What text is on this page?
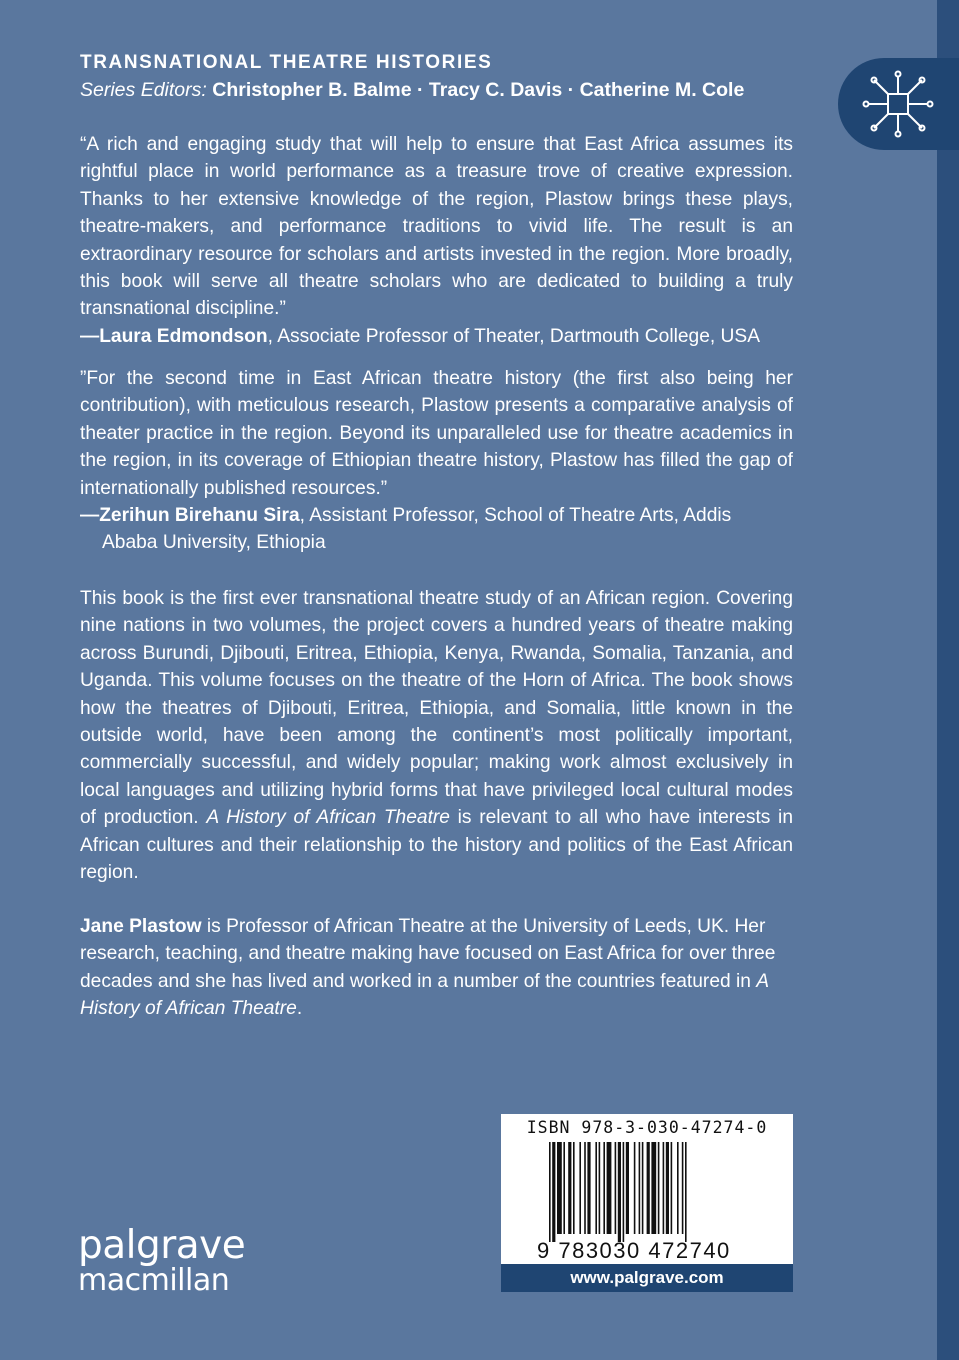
TRANSNATIONAL THEATRE HISTORIES

Series Editors: Christopher B. Balme · Tracy C. Davis · Catherine M. Cole

“A rich and engaging study that will help to ensure that East Africa assumes its rightful place in world performance as a treasure trove of creative expression. Thanks to her extensive knowledge of the region, Plastow brings these plays, theatre-makers, and performance traditions to vivid life. The result is an extraordinary resource for scholars and artists invested in the region. More broadly, this book will serve all theatre scholars who are dedicated to building a truly transnational discipline.”

—Laura Edmondson, Associate Professor of Theater, Dartmouth College, USA

”For the second time in East African theatre history (the first also being her contribution), with meticulous research, Plastow presents a comparative analysis of theater practice in the region. Beyond its unparalleled use for theatre academics in the region, in its coverage of Ethiopian theatre history, Plastow has filled the gap of internationally published resources.”

—Zerihun Birehanu Sira, Assistant Professor, School of Theatre Arts, Addis
Ababa University, Ethiopia

This book is the first ever transnational theatre study of an African region. Covering nine nations in two volumes, the project covers a hundred years of theatre making across Burundi, Djibouti, Eritrea, Ethiopia, Kenya, Rwanda, Somalia, Tanzania, and Uganda. This volume focuses on the theatre of the Horn of Africa. The book shows how the theatres of Djibouti, Eritrea, Ethiopia, and Somalia, little known in the outside world, have been among the continent’s most politically important, commercially successful, and widely popular; making work almost exclusively in local languages and utilizing hybrid forms that have privileged local cultural modes of production. A History of African Theatre is relevant to all who have interests in African cultures and their relationship to the history and politics of the East African region.

Jane Plastow is Professor of African Theatre at the University of Leeds, UK. Her research, teaching, and theatre making have focused on East Africa for over three decades and she has lived and worked in a number of the countries featured in A History of African Theatre.

ISBN 978-3-030-47274-0
9 783030 472740
www.palgrave.com
palgrave
macmillan
